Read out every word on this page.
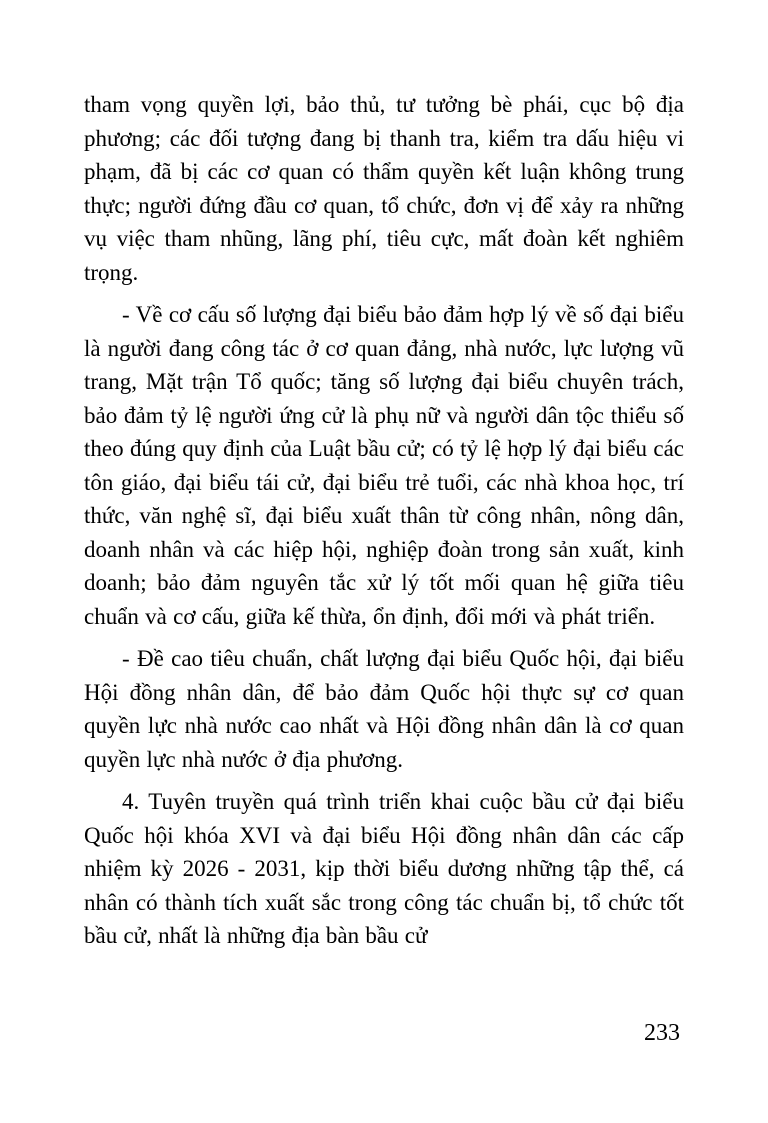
tham vọng quyền lợi, bảo thủ, tư tưởng bè phái, cục bộ địa phương; các đối tượng đang bị thanh tra, kiểm tra dấu hiệu vi phạm, đã bị các cơ quan có thẩm quyền kết luận không trung thực; người đứng đầu cơ quan, tổ chức, đơn vị để xảy ra những vụ việc tham nhũng, lãng phí, tiêu cực, mất đoàn kết nghiêm trọng.

- Về cơ cấu số lượng đại biểu bảo đảm hợp lý về số đại biểu là người đang công tác ở cơ quan đảng, nhà nước, lực lượng vũ trang, Mặt trận Tổ quốc; tăng số lượng đại biểu chuyên trách, bảo đảm tỷ lệ người ứng cử là phụ nữ và người dân tộc thiểu số theo đúng quy định của Luật bầu cử; có tỷ lệ hợp lý đại biểu các tôn giáo, đại biểu tái cử, đại biểu trẻ tuổi, các nhà khoa học, trí thức, văn nghệ sĩ, đại biểu xuất thân từ công nhân, nông dân, doanh nhân và các hiệp hội, nghiệp đoàn trong sản xuất, kinh doanh; bảo đảm nguyên tắc xử lý tốt mối quan hệ giữa tiêu chuẩn và cơ cấu, giữa kế thừa, ổn định, đổi mới và phát triển.

- Đề cao tiêu chuẩn, chất lượng đại biểu Quốc hội, đại biểu Hội đồng nhân dân, để bảo đảm Quốc hội thực sự cơ quan quyền lực nhà nước cao nhất và Hội đồng nhân dân là cơ quan quyền lực nhà nước ở địa phương.

4. Tuyên truyền quá trình triển khai cuộc bầu cử đại biểu Quốc hội khóa XVI và đại biểu Hội đồng nhân dân các cấp nhiệm kỳ 2026 - 2031, kịp thời biểu dương những tập thể, cá nhân có thành tích xuất sắc trong công tác chuẩn bị, tổ chức tốt bầu cử, nhất là những địa bàn bầu cử

233
